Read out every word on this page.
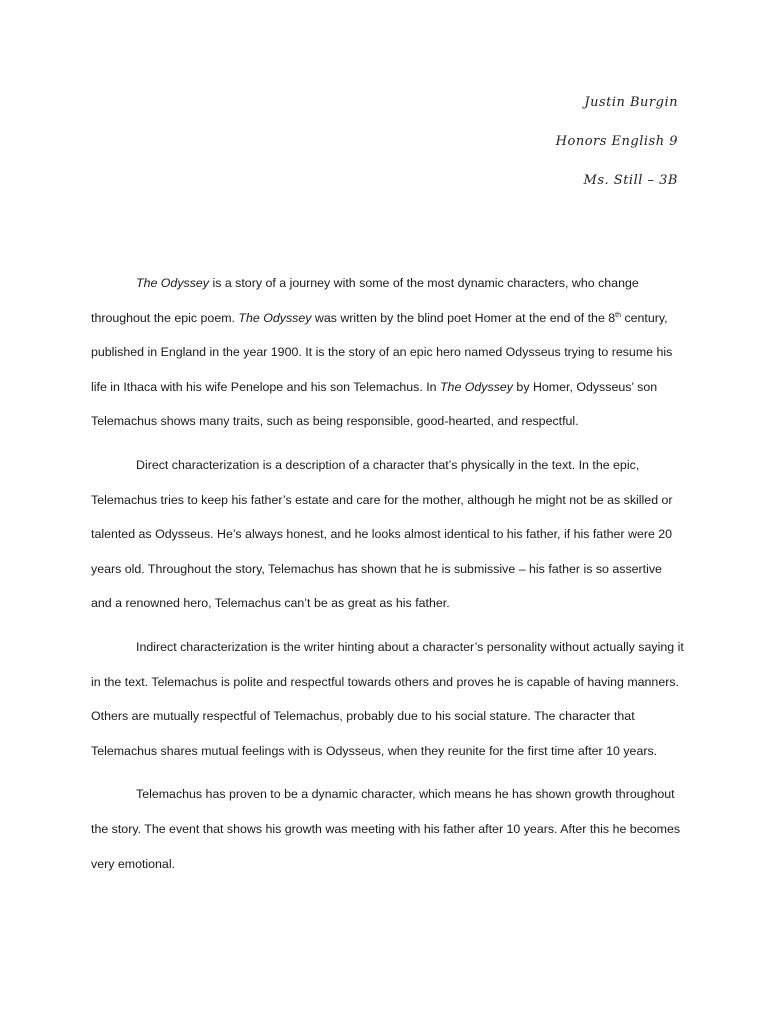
Justin Burgin
Honors English 9
Ms. Still – 3B

The Odyssey is a story of a journey with some of the most dynamic characters, who change throughout the epic poem. The Odyssey was written by the blind poet Homer at the end of the 8th century, published in England in the year 1900. It is the story of an epic hero named Odysseus trying to resume his life in Ithaca with his wife Penelope and his son Telemachus. In The Odyssey by Homer, Odysseus’ son Telemachus shows many traits, such as being responsible, good-hearted, and respectful.

Direct characterization is a description of a character that’s physically in the text. In the epic, Telemachus tries to keep his father’s estate and care for the mother, although he might not be as skilled or talented as Odysseus. He’s always honest, and he looks almost identical to his father, if his father were 20 years old. Throughout the story, Telemachus has shown that he is submissive – his father is so assertive and a renowned hero, Telemachus can’t be as great as his father.

Indirect characterization is the writer hinting about a character’s personality without actually saying it in the text. Telemachus is polite and respectful towards others and proves he is capable of having manners. Others are mutually respectful of Telemachus, probably due to his social stature. The character that Telemachus shares mutual feelings with is Odysseus, when they reunite for the first time after 10 years.

Telemachus has proven to be a dynamic character, which means he has shown growth throughout the story. The event that shows his growth was meeting with his father after 10 years. After this he becomes very emotional.
